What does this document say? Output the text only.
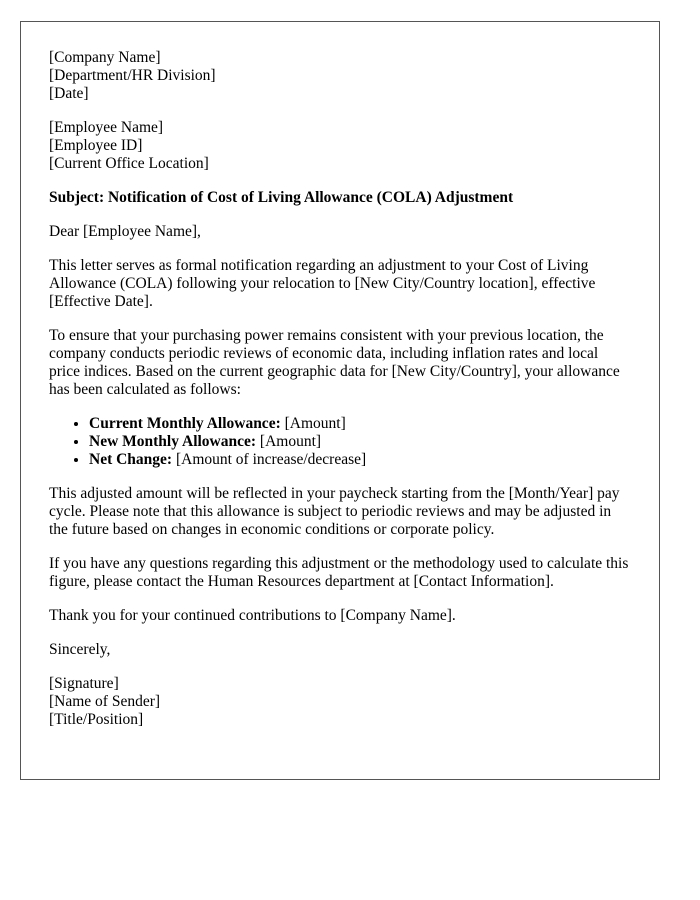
[Company Name]
[Department/HR Division]
[Date]
[Employee Name]
[Employee ID]
[Current Office Location]

Subject: Notification of Cost of Living Allowance (COLA) Adjustment

Dear [Employee Name],

This letter serves as formal notification regarding an adjustment to your Cost of Living Allowance (COLA) following your relocation to [New City/Country location], effective [Effective Date].

To ensure that your purchasing power remains consistent with your previous location, the company conducts periodic reviews of economic data, including inflation rates and local price indices. Based on the current geographic data for [New City/Country], your allowance has been calculated as follows:

• Current Monthly Allowance: [Amount]
• New Monthly Allowance: [Amount]
• Net Change: [Amount of increase/decrease]

This adjusted amount will be reflected in your paycheck starting from the [Month/Year] pay cycle. Please note that this allowance is subject to periodic reviews and may be adjusted in the future based on changes in economic conditions or corporate policy.

If you have any questions regarding this adjustment or the methodology used to calculate this figure, please contact the Human Resources department at [Contact Information].

Thank you for your continued contributions to [Company Name].

Sincerely,

[Signature]
[Name of Sender]
[Title/Position]
